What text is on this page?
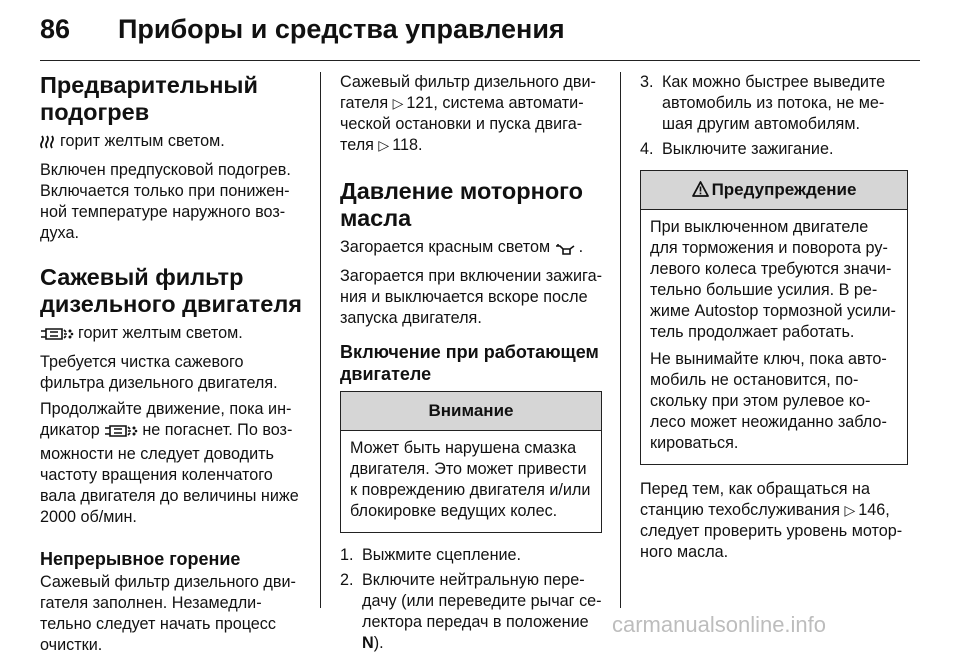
86 Приборы и средства управления
Предварительный
подогрев

горит желтым светом.

Включен предпусковой подогрев.
Включается только при понижен-
ной температуре наружного воз-
духа.

Сажевый фильтр
дизельного двигателя

горит желтым светом.

Требуется чистка сажевого
фильтра дизельного двигателя.

Продолжайте движение, пока ин-
дикатор	не погаснет. По воз-
можности не следует доводить
частоту вращения коленчатого
вала двигателя до величины ниже
2000 об/мин.

Непрерывное горение

Сажевый фильтр дизельного дви-
гателя заполнен. Незамедли-
тельно следует начать процесс
очистки.

Сажевый фильтр дизельного дви-
гателя ▷ 121, система автомати-
ческой остановки и пуска двига-
теля ▷ 118.

Давление моторного
масла

Загорается красным светом .

Загорается при включении зажига-
ния и выключается вскоре после
запуска двигателя.

Включение при работающем
двигателе
Внимание

Может быть нарушена смазка
двигателя. Это может привести
к повреждению двигателя и/или
блокировке ведущих колес.

1. Выжмите сцепление.
2. Включите нейтральную пере-
дачу (или переведите рычаг се-
лектора передач в положение
N).
3. Как можно быстрее выведите
автомобиль из потока, не ме-
шая другим автомобилям.
4. Выключите зажигание.
Предупреждение

При выключенном двигателе
для торможения и поворота ру-
левого колеса требуются значи-
тельно большие усилия. В ре-
жиме Autostop тормозной усили-
тель продолжает работать.

Не вынимайте ключ, пока авто-
мобиль не остановится, по-
скольку при этом рулевое ко-
лесо может неожиданно забло-
кироваться.

Перед тем, как обращаться на
станцию техобслуживания ▷ 146,
следует проверить уровень мотор-
ного масла.

carmanualsonline.info
